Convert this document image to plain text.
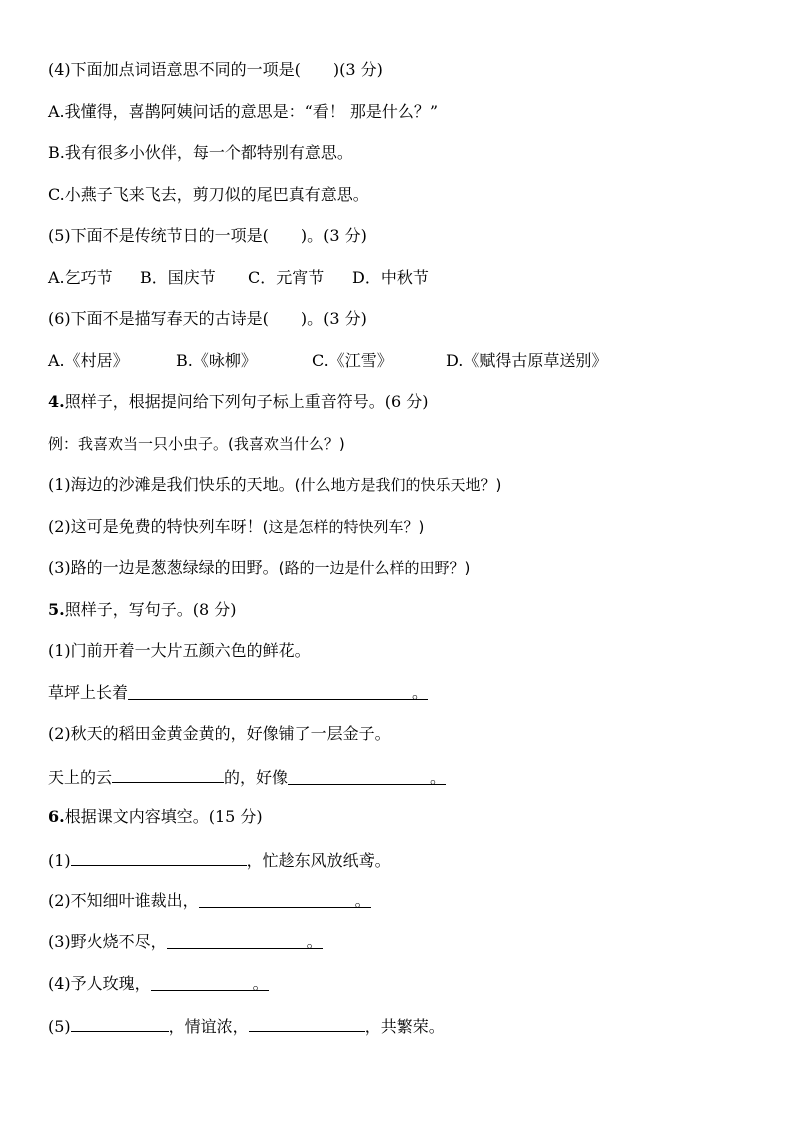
(4)下面加点词语意思不同的一项是(　　)(3 分)
A.我懂得，喜鹊阿姨问话的意思是：“看！ 那是什么？”
B.我有很多小伙伴，每一个都特别有意思。
C.小燕子飞来飞去，剪刀似的尾巴真有意思。
(5)下面不是传统节日的一项是(　　)。(3 分)
A.乞巧节 B．国庆节 C．元宵节 D．中秋节
(6)下面不是描写春天的古诗是(　　)。(3 分)
A.《村居》	B.《咏柳》	C.《江雪》	D.《赋得古原草送别》
4.照样子，根据提问给下列句子标上重音符号。(6 分)
例：我喜欢当一只小虫子。(我喜欢当什么？)
(1)海边的沙滩是我们快乐的天地。(什么地方是我们的快乐天地？)
(2)这可是免费的特快列车呀！(这是怎样的特快列车？)
(3)路的一边是葱葱绿绿的田野。(路的一边是什么样的田野？)
5.照样子，写句子。(8 分)
(1)门前开着一大片五颜六色的鲜花。
草坪上长着	。
(2)秋天的稻田金黄金黄的，好像铺了一层金子。
天上的云	的，好像	。
6.根据课文内容填空。(15 分)
(1)	，忙趁东风放纸鸢。
(2)不知细叶谁裁出，	。
(3)野火烧不尽，	。
(4)予人玫瑰，	。
(5)	，情谊浓，	，共繁荣。
